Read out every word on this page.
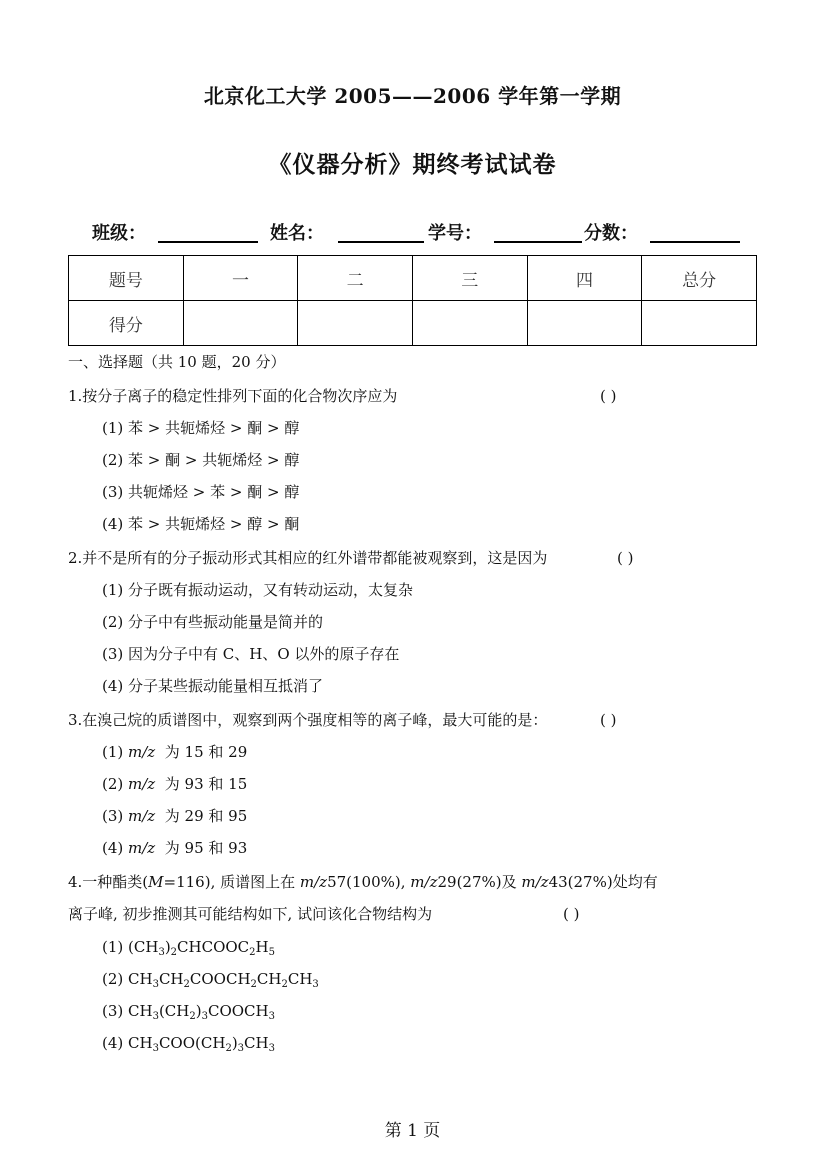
北京化工大学 2005——2006 学年第一学期
《仪器分析》期终考试试卷
班级：	姓名：	学号：	分数：
题号	一	二	三	四	总分
得分					
一、选择题（共 10 题，20 分）
1.按分子离子的稳定性排列下面的化合物次序应为	( )
(1) 苯 > 共轭烯烃 > 酮 > 醇
(2) 苯 > 酮 > 共轭烯烃 > 醇
(3) 共轭烯烃 > 苯 > 酮 > 醇
(4) 苯 > 共轭烯烃 > 醇 > 酮
2.并不是所有的分子振动形式其相应的红外谱带都能被观察到，这是因为	( )
(1) 分子既有振动运动，又有转动运动，太复杂
(2) 分子中有些振动能量是简并的
(3) 因为分子中有 C、H、O 以外的原子存在
(4) 分子某些振动能量相互抵消了
3.在溴己烷的质谱图中，观察到两个强度相等的离子峰，最大可能的是：	( )
(1) m/z 为 15 和 29
(2) m/z 为 93 和 15
(3) m/z 为 29 和 95
(4) m/z 为 95 和 93
4.一种酯类(M=116), 质谱图上在 m/z57(100%), m/z29(27%)及 m/z43(27%)处均有
离子峰, 初步推测其可能结构如下, 试问该化合物结构为	( )
(1) $(CH_3)_2CHCOOC_2H_5$
(2) $CH_3CH_2COOCH_2CH_2CH_3$
(3) $CH_3(CH_2)_3COOCH_3$
(4) $CH_3COO(CH_2)_3CH_3$
第 1 页
